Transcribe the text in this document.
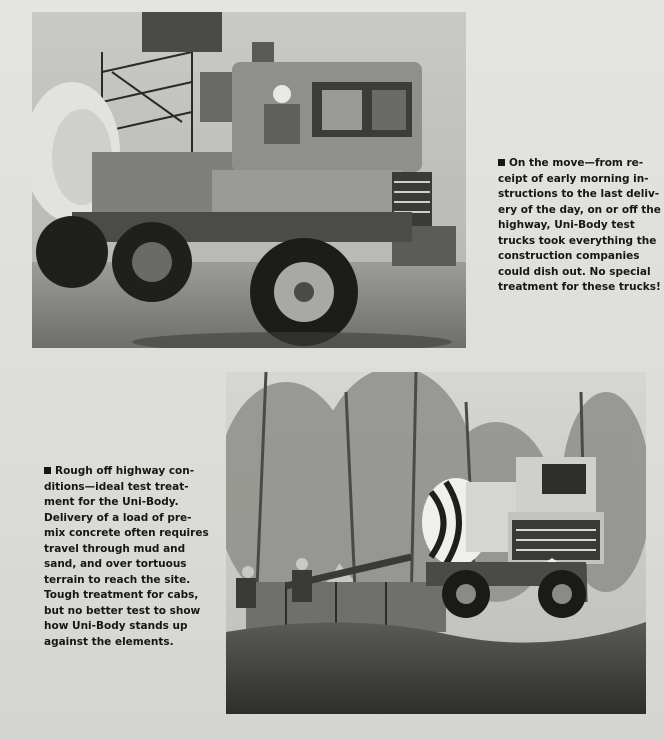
On the move—from re-
ceipt of early morning in-
structions to the last deliv-
ery of the day, on or off the
highway, Uni-Body test
trucks took everything the
construction companies
could dish out. No special
treatment for these trucks!
Rough off highway con-
ditions—ideal test treat-
ment for the Uni-Body.
Delivery of a load of pre-
mix concrete often requires
travel through mud and
sand, and over tortuous
terrain to reach the site.
Tough treatment for cabs,
but no better test to show
how Uni-Body stands up
against the elements.
